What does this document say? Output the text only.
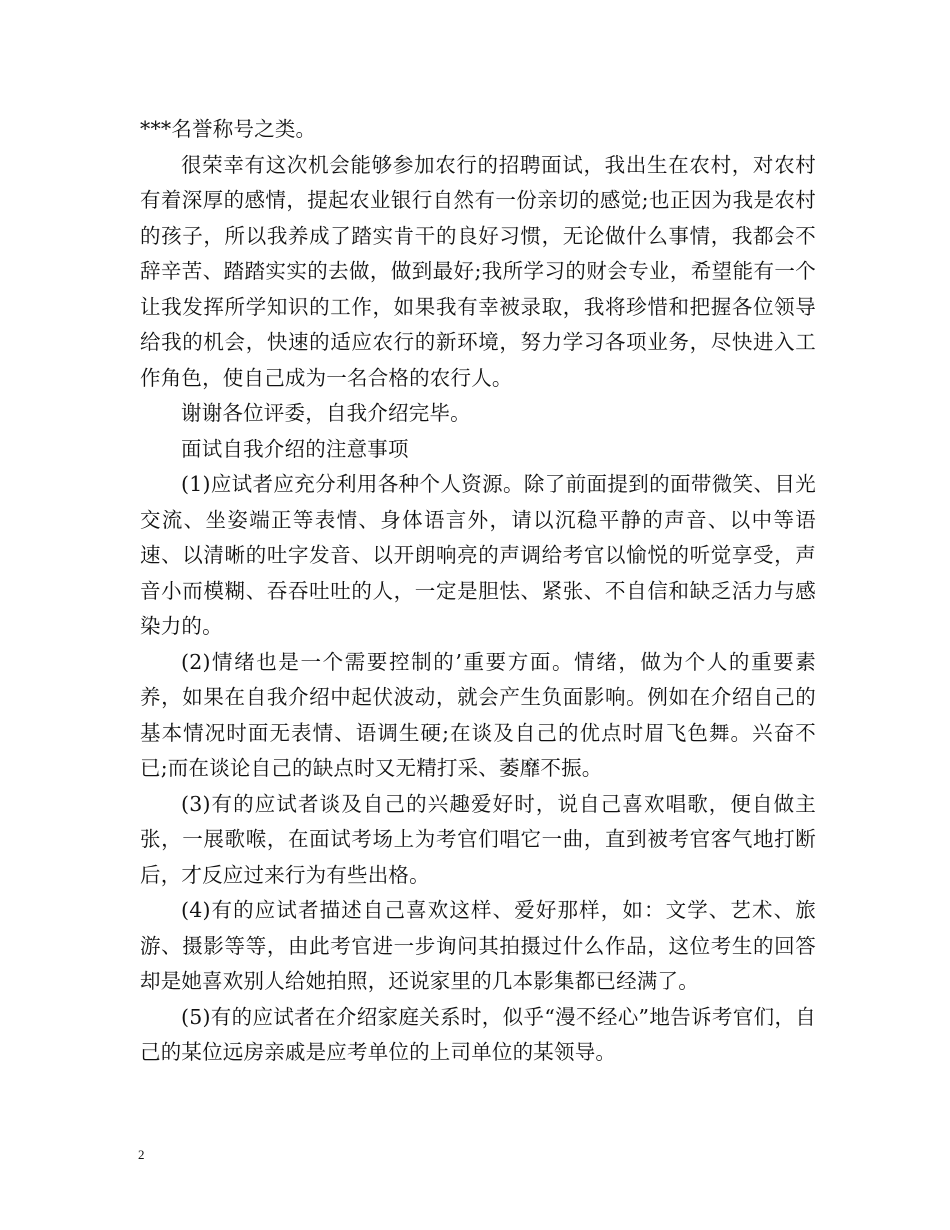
***名誉称号之类。

很荣幸有这次机会能够参加农行的招聘面试，我出生在农村，对农村有着深厚的感情，提起农业银行自然有一份亲切的感觉;也正因为我是农村的孩子，所以我养成了踏实肯干的良好习惯，无论做什么事情，我都会不辞辛苦、踏踏实实的去做，做到最好;我所学习的财会专业，希望能有一个让我发挥所学知识的工作，如果我有幸被录取，我将珍惜和把握各位领导给我的机会，快速的适应农行的新环境，努力学习各项业务，尽快进入工作角色，使自己成为一名合格的农行人。

谢谢各位评委，自我介绍完毕。

面试自我介绍的注意事项

(1)应试者应充分利用各种个人资源。除了前面提到的面带微笑、目光交流、坐姿端正等表情、身体语言外，请以沉稳平静的声音、以中等语速、以清晰的吐字发音、以开朗响亮的声调给考官以愉悦的听觉享受，声音小而模糊、吞吞吐吐的人，一定是胆怯、紧张、不自信和缺乏活力与感染力的。

(2)情绪也是一个需要控制的’重要方面。情绪，做为个人的重要素养，如果在自我介绍中起伏波动，就会产生负面影响。例如在介绍自己的基本情况时面无表情、语调生硬;在谈及自己的优点时眉飞色舞。兴奋不已;而在谈论自己的缺点时又无精打采、萎靡不振。

(3)有的应试者谈及自己的兴趣爱好时，说自己喜欢唱歌，便自做主张，一展歌喉，在面试考场上为考官们唱它一曲，直到被考官客气地打断后，才反应过来行为有些出格。

(4)有的应试者描述自己喜欢这样、爱好那样，如：文学、艺术、旅游、摄影等等，由此考官进一步询问其拍摄过什么作品，这位考生的回答却是她喜欢别人给她拍照，还说家里的几本影集都已经满了。

(5)有的应试者在介绍家庭关系时，似乎“漫不经心”地告诉考官们，自己的某位远房亲戚是应考单位的上司单位的某领导。

2
